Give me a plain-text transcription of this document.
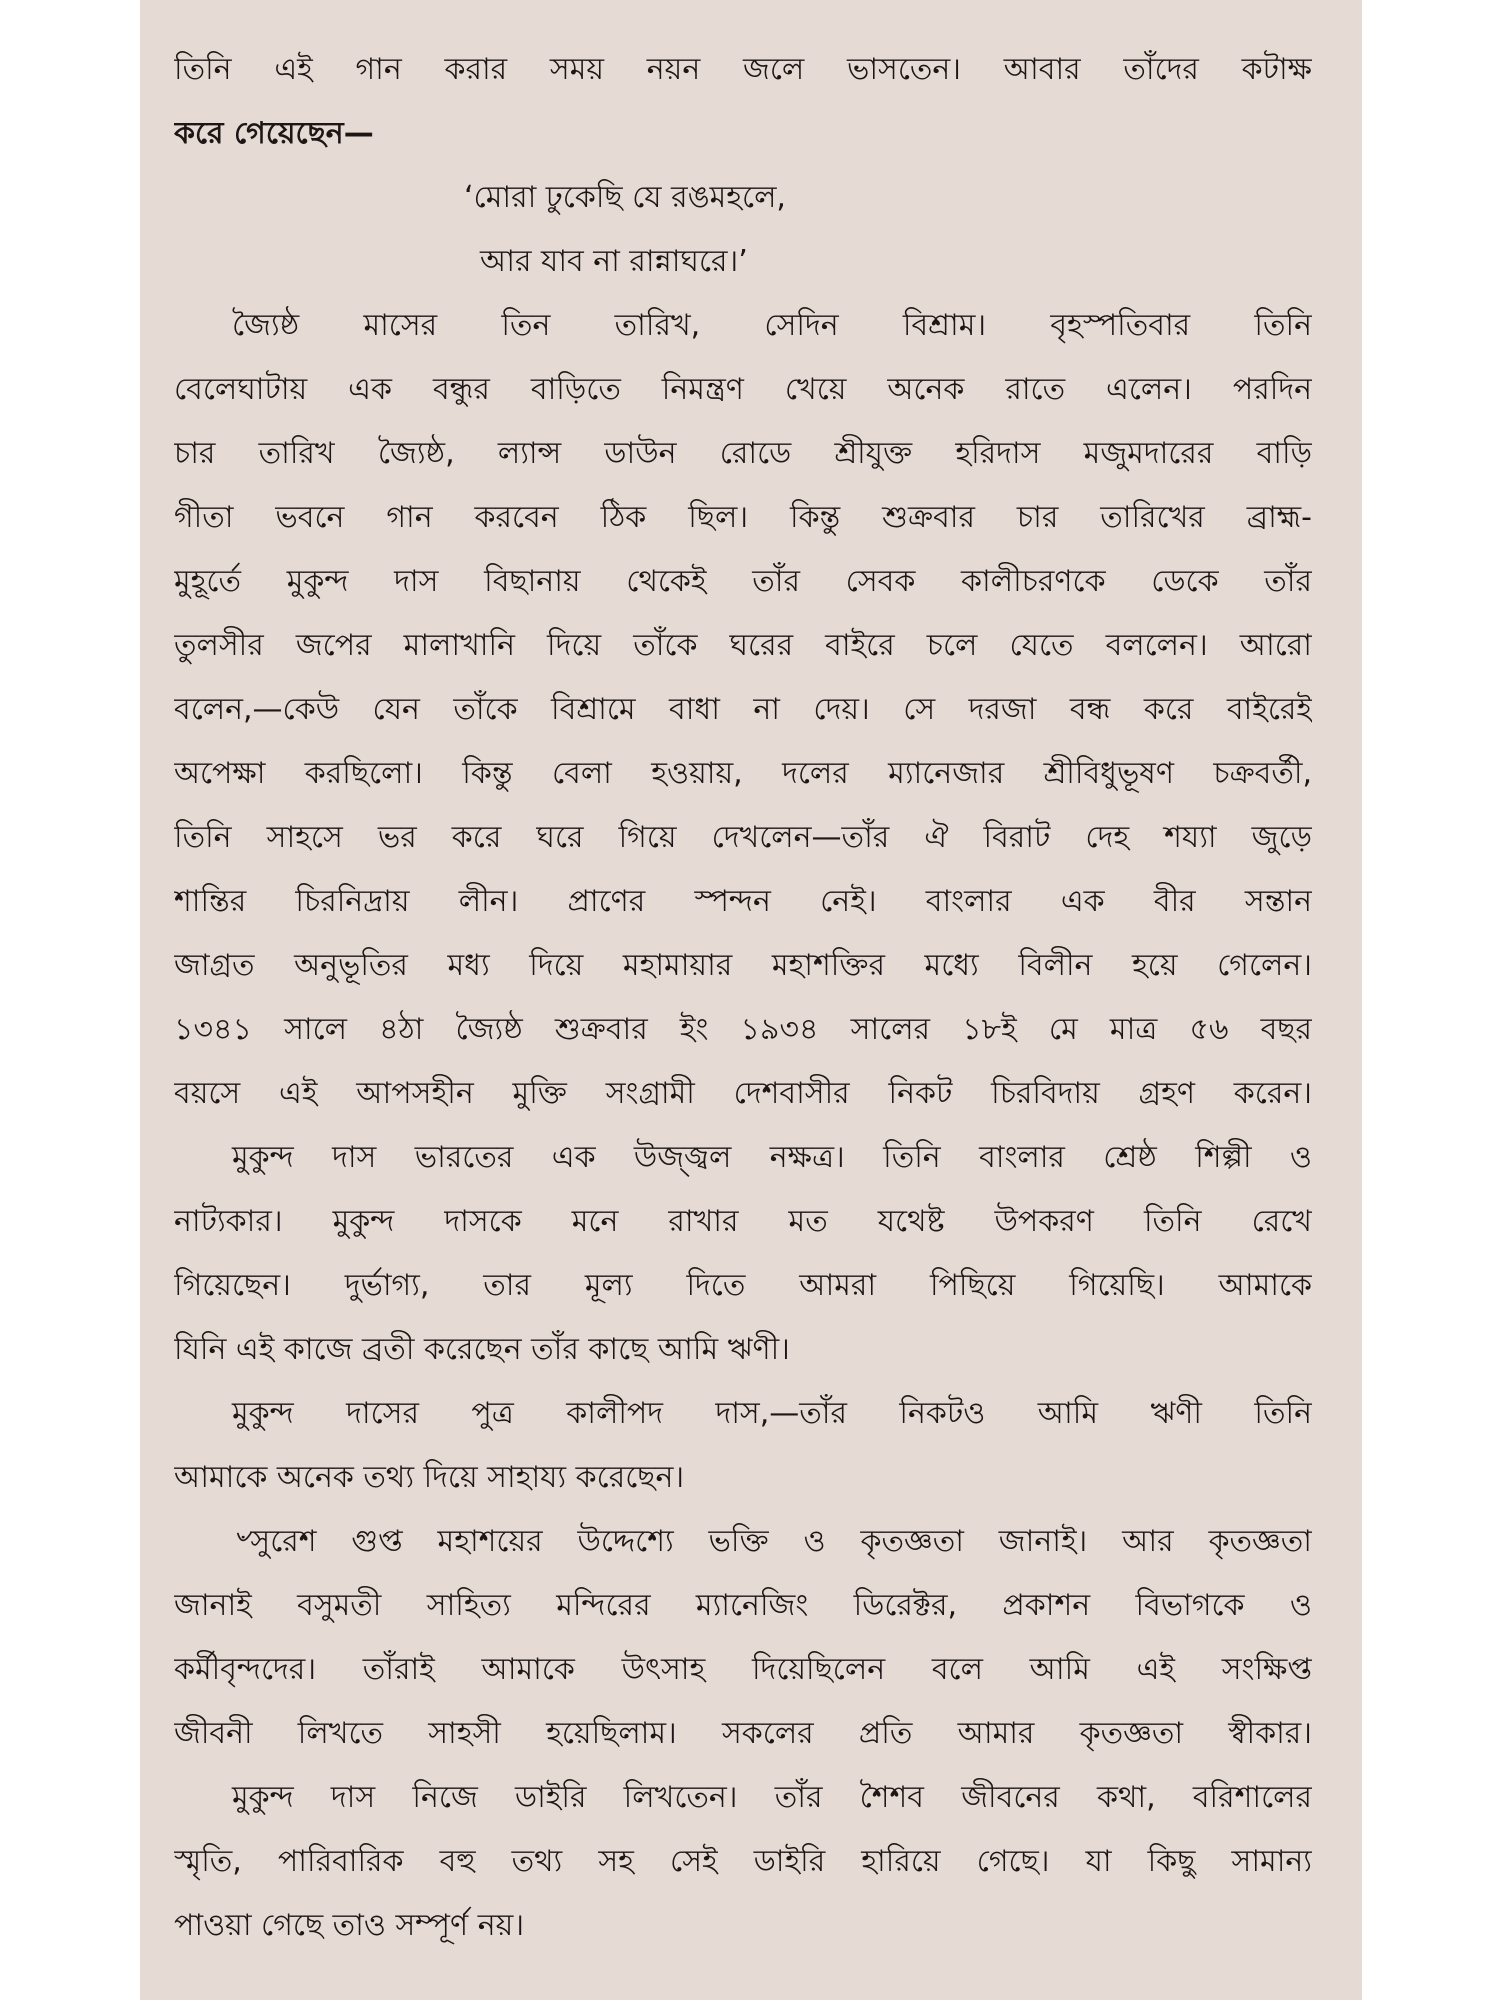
তিনি এই গান করার সময় নয়ন জলে ভাসতেন। আবার তাঁদের কটাক্ষ
করে গেয়েছেন—
‘মোরা ঢুকেছি যে রঙমহলে,
আর যাব না রান্নাঘরে।’
জ্যৈষ্ঠ মাসের তিন তারিখ, সেদিন বিশ্রাম। বৃহস্পতিবার তিনি
বেলেঘাটায় এক বন্ধুর বাড়িতে নিমন্ত্রণ খেয়ে অনেক রাতে এলেন। পরদিন
চার তারিখ জ্যৈষ্ঠ, ল্যান্স ডাউন রোডে শ্রীযুক্ত হরিদাস মজুমদারের বাড়ি
গীতা ভবনে গান করবেন ঠিক ছিল। কিন্তু শুক্রবার চার তারিখের ব্রাহ্ম-
মুহূর্তে মুকুন্দ দাস বিছানায় থেকেই তাঁর সেবক কালীচরণকে ডেকে তাঁর
তুলসীর জপের মালাখানি দিয়ে তাঁকে ঘরের বাইরে চলে যেতে বললেন। আরো
বলেন,—কেউ যেন তাঁকে বিশ্রামে বাধা না দেয়। সে দরজা বন্ধ করে বাইরেই
অপেক্ষা করছিলো। কিন্তু বেলা হওয়ায়, দলের ম্যানেজার শ্রীবিধুভূষণ চক্রবর্তী,
তিনি সাহসে ভর করে ঘরে গিয়ে দেখলেন—তাঁর ঐ বিরাট দেহ শয্যা জুড়ে
শান্তির চিরনিদ্রায় লীন। প্রাণের স্পন্দন নেই। বাংলার এক বীর সন্তান
জাগ্রত অনুভূতির মধ্য দিয়ে মহামায়ার মহাশক্তির মধ্যে বিলীন হয়ে গেলেন।
১৩৪১ সালে ৪ঠা জ্যৈষ্ঠ শুক্রবার ইং ১৯৩৪ সালের ১৮ই মে মাত্র ৫৬ বছর
বয়সে এই আপসহীন মুক্তি সংগ্রামী দেশবাসীর নিকট চিরবিদায় গ্রহণ করেন।
মুকুন্দ দাস ভারতের এক উজ্জ্বল নক্ষত্র। তিনি বাংলার শ্রেষ্ঠ শিল্পী ও
নাট্যকার। মুকুন্দ দাসকে মনে রাখার মত যথেষ্ট উপকরণ তিনি রেখে
গিয়েছেন। দুর্ভাগ্য, তার মূল্য দিতে আমরা পিছিয়ে গিয়েছি। আমাকে
যিনি এই কাজে ব্রতী করেছেন তাঁর কাছে আমি ঋণী।
মুকুন্দ দাসের পুত্র কালীপদ দাস,—তাঁর নিকটও আমি ঋণী তিনি
আমাকে অনেক তথ্য দিয়ে সাহায্য করেছেন।
৺সুরেশ গুপ্ত মহাশয়ের উদ্দেশ্যে ভক্তি ও কৃতজ্ঞতা জানাই। আর কৃতজ্ঞতা
জানাই বসুমতী সাহিত্য মন্দিরের ম্যানেজিং ডিরেক্টর, প্রকাশন বিভাগকে ও
কর্মীবৃন্দদের। তাঁরাই আমাকে উৎসাহ দিয়েছিলেন বলে আমি এই সংক্ষিপ্ত
জীবনী লিখতে সাহসী হয়েছিলাম। সকলের প্রতি আমার কৃতজ্ঞতা স্বীকার।
মুকুন্দ দাস নিজে ডাইরি লিখতেন। তাঁর শৈশব জীবনের কথা, বরিশালের
স্মৃতি, পারিবারিক বহু তথ্য সহ সেই ডাইরি হারিয়ে গেছে। যা কিছু সামান্য
পাওয়া গেছে তাও সম্পূর্ণ নয়।
